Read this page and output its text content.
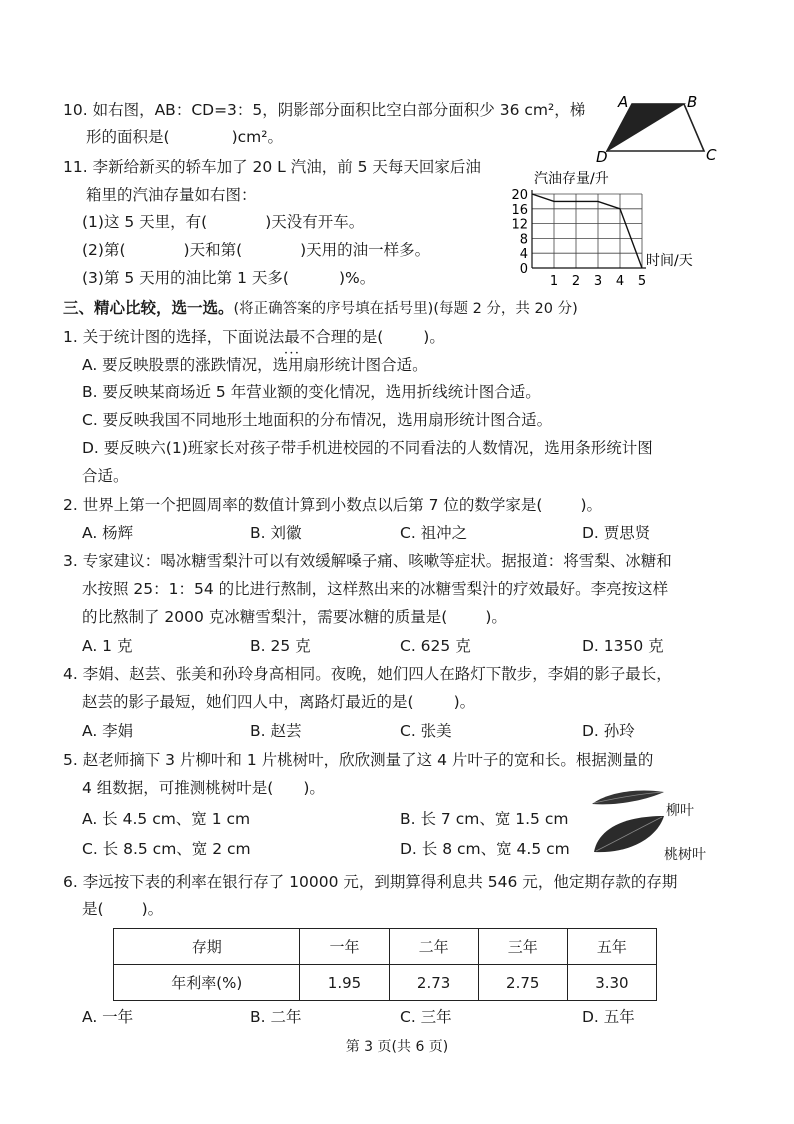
10. 如右图，AB：CD=3：5，阴影部分面积比空白部分面积少 36 cm²，梯
形的面积是(	)cm²。
A	B
C
D
11. 李新给新买的轿车加了 20 L 汽油，前 5 天每天回家后油
箱里的汽油存量如右图：
(1)这 5 天里，有(	)天没有开车。
(2)第(	)天和第(	)天用的油一样多。
(3)第 5 天用的油比第 1 天多(	)%。
汽油存量/升
0
4
8
12
16
20
1 2 3 4 5
时间/天
三、精心比较，选一选。(将正确答案的序号填在括号里)(每题 2 分，共 20 分)
1. 关于统计图的选择，下面说法最不合理 • • •的是(	)。
A. 要反映股票的涨跌情况，选用扇形统计图合适。
B. 要反映某商场近 5 年营业额的变化情况，选用折线统计图合适。
C. 要反映我国不同地形土地面积的分布情况，选用扇形统计图合适。
D. 要反映六(1)班家长对孩子带手机进校园的不同看法的人数情况，选用条形统计图
合适。
2. 世界上第一个把圆周率的数值计算到小数点以后第 7 位的数学家是( )。
A. 杨辉	B. 刘徽	C. 祖冲之	D. 贾思贤
3. 专家建议：喝冰糖雪梨汁可以有效缓解嗓子痛、咳嗽等症状。据报道：将雪梨、冰糖和
水按照 25：1：54 的比进行熬制，这样熬出来的冰糖雪梨汁的疗效最好。李亮按这样
的比熬制了 2000 克冰糖雪梨汁，需要冰糖的质量是( )。
A. 1 克	B. 25 克	C. 625 克	D. 1350 克
4. 李娟、赵芸、张美和孙玲身高相同。夜晚，她们四人在路灯下散步，李娟的影子最长，
赵芸的影子最短，她们四人中，离路灯最近的是(	)。
A. 李娟	B. 赵芸	C. 张美	D. 孙玲
5. 赵老师摘下 3 片柳叶和 1 片桃树叶，欣欣测量了这 4 片叶子的宽和长。根据测量的
4 组数据，可推测桃树叶是( )。
A. 长 4.5 cm、宽 1 cm	B. 长 7 cm、宽 1.5 cm
C. 长 8.5 cm、宽 2 cm	D. 长 8 cm、宽 4.5 cm
柳叶
桃树叶
6. 李远按下表的利率在银行存了 10000 元，到期算得利息共 546 元，他定期存款的存期
是( )。
存期	一年	二年	三年	五年
年利率(%)	1.95	2.73	2.75	3.30
A. 一年	B. 二年	C. 三年	D. 五年
第 3 页(共 6 页)
